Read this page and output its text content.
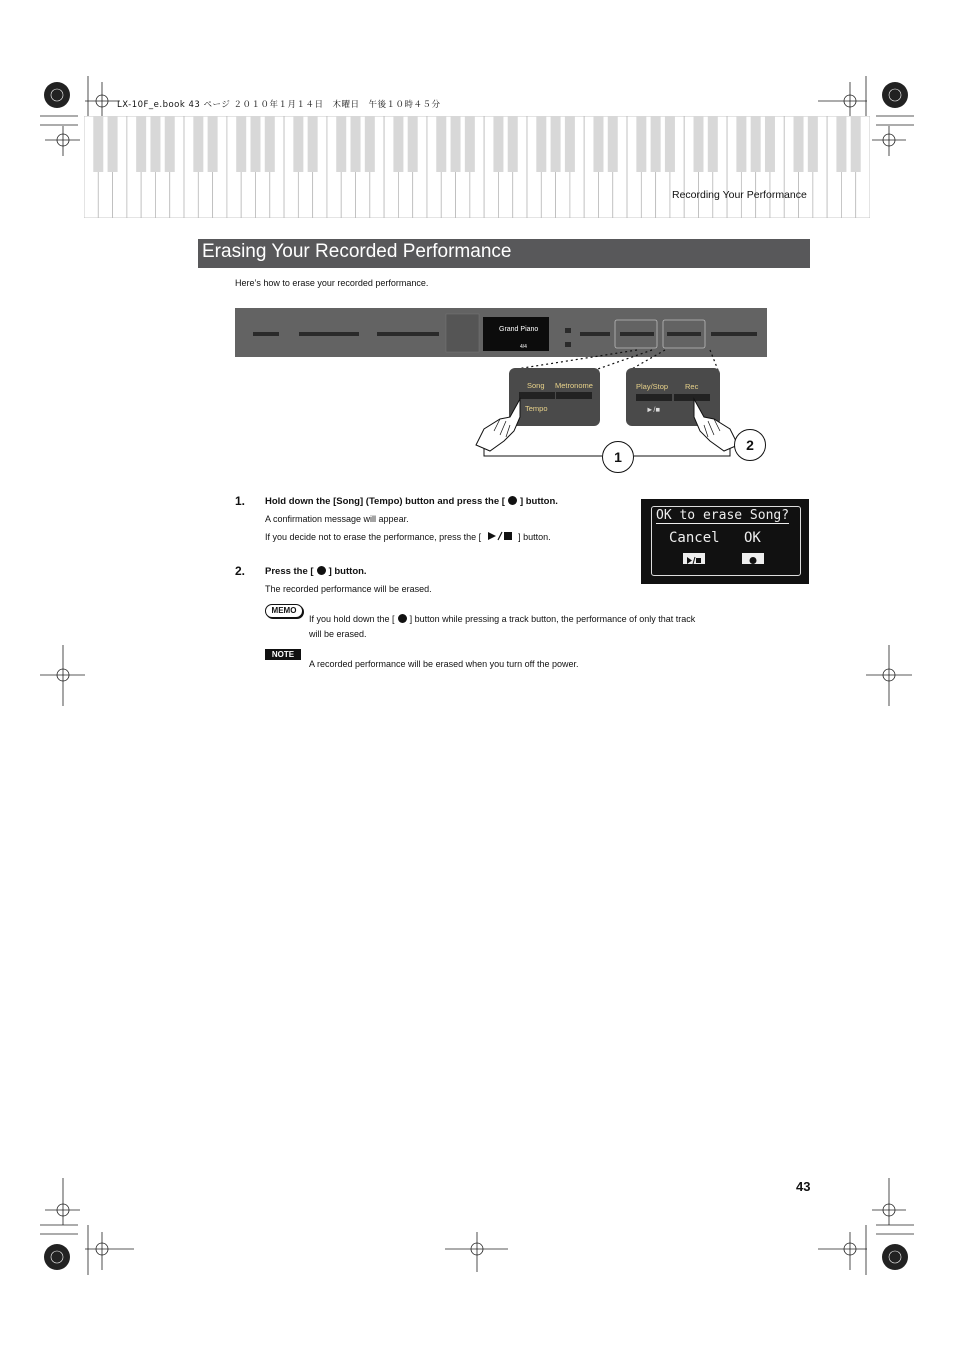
LX-10F_e.book 43 ページ ２０１０年１月１４日　木曜日　午後１０時４５分
Recording Your Performance
Erasing Your Recorded Performance
Here’s how to erase your recorded performance.
Grand Piano
4/4
Song Metronome
Tempo
Play/Stop Rec
►/■
1
2
1. Hold down the [Song] (Tempo) button and press the [ ] button.
A confirmation message will appear.
If you decide not to erase the performance, press the [	] button.
OK to erase Song?
Cancel OK
2. Press the [ ] button.
The recorded performance will be erased.
MEMO
If you hold down the [ ] button while pressing a track button, the performance of only that track
will be erased.
NOTE
A recorded performance will be erased when you turn off the power.
43
